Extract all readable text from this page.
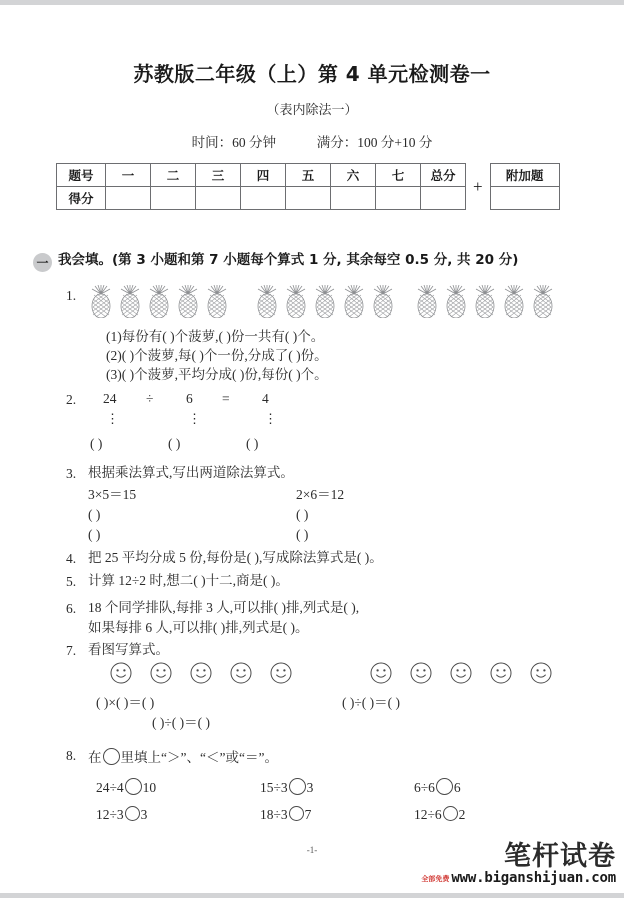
苏教版二年级（上）第 4 单元检测卷一
（表内除法一）
时间：60 分钟	满分：100 分+10 分
题号	一	二	三	四	五	六	七	总分
得分								
+
附加题

一 我会填。(第 3 小题和第 7 小题每个算式 1 分, 其余每空 0.5 分, 共 20 分)
1.
(1)每份有( )个菠萝,( )份一共有( )个。
(2)( )个菠萝,每( )个一份,分成了( )份。
(3)( )个菠萝,平均分成( )份,每份( )个。
2. 24 ÷ 6 = 4
⋮	⋮	⋮
( )	( )	( )
3. 根据乘法算式,写出两道除法算式。
3×5＝15	2×6＝12
( )	( )
( )	( )
4. 把 25 平均分成 5 份,每份是( ),写成除法算式是( )。
5. 计算 12÷2 时,想二( )十二,商是( )。
6. 18 个同学排队,每排 3 人,可以排( )排,列式是( ),
如果每排 6 人,可以排( )排,列式是( )。
7. 看图写算式。
( )×( )＝( )	( )÷( )＝( )
( )÷( )＝( )
8. 在 里填上“＞”、“＜”或“＝”。
24÷4 10	15÷3 3	6÷6 6
12÷3 3	18÷3 7	12÷6 2
-1-	笔杆试卷
全部免费 www.biganshijuan.com
